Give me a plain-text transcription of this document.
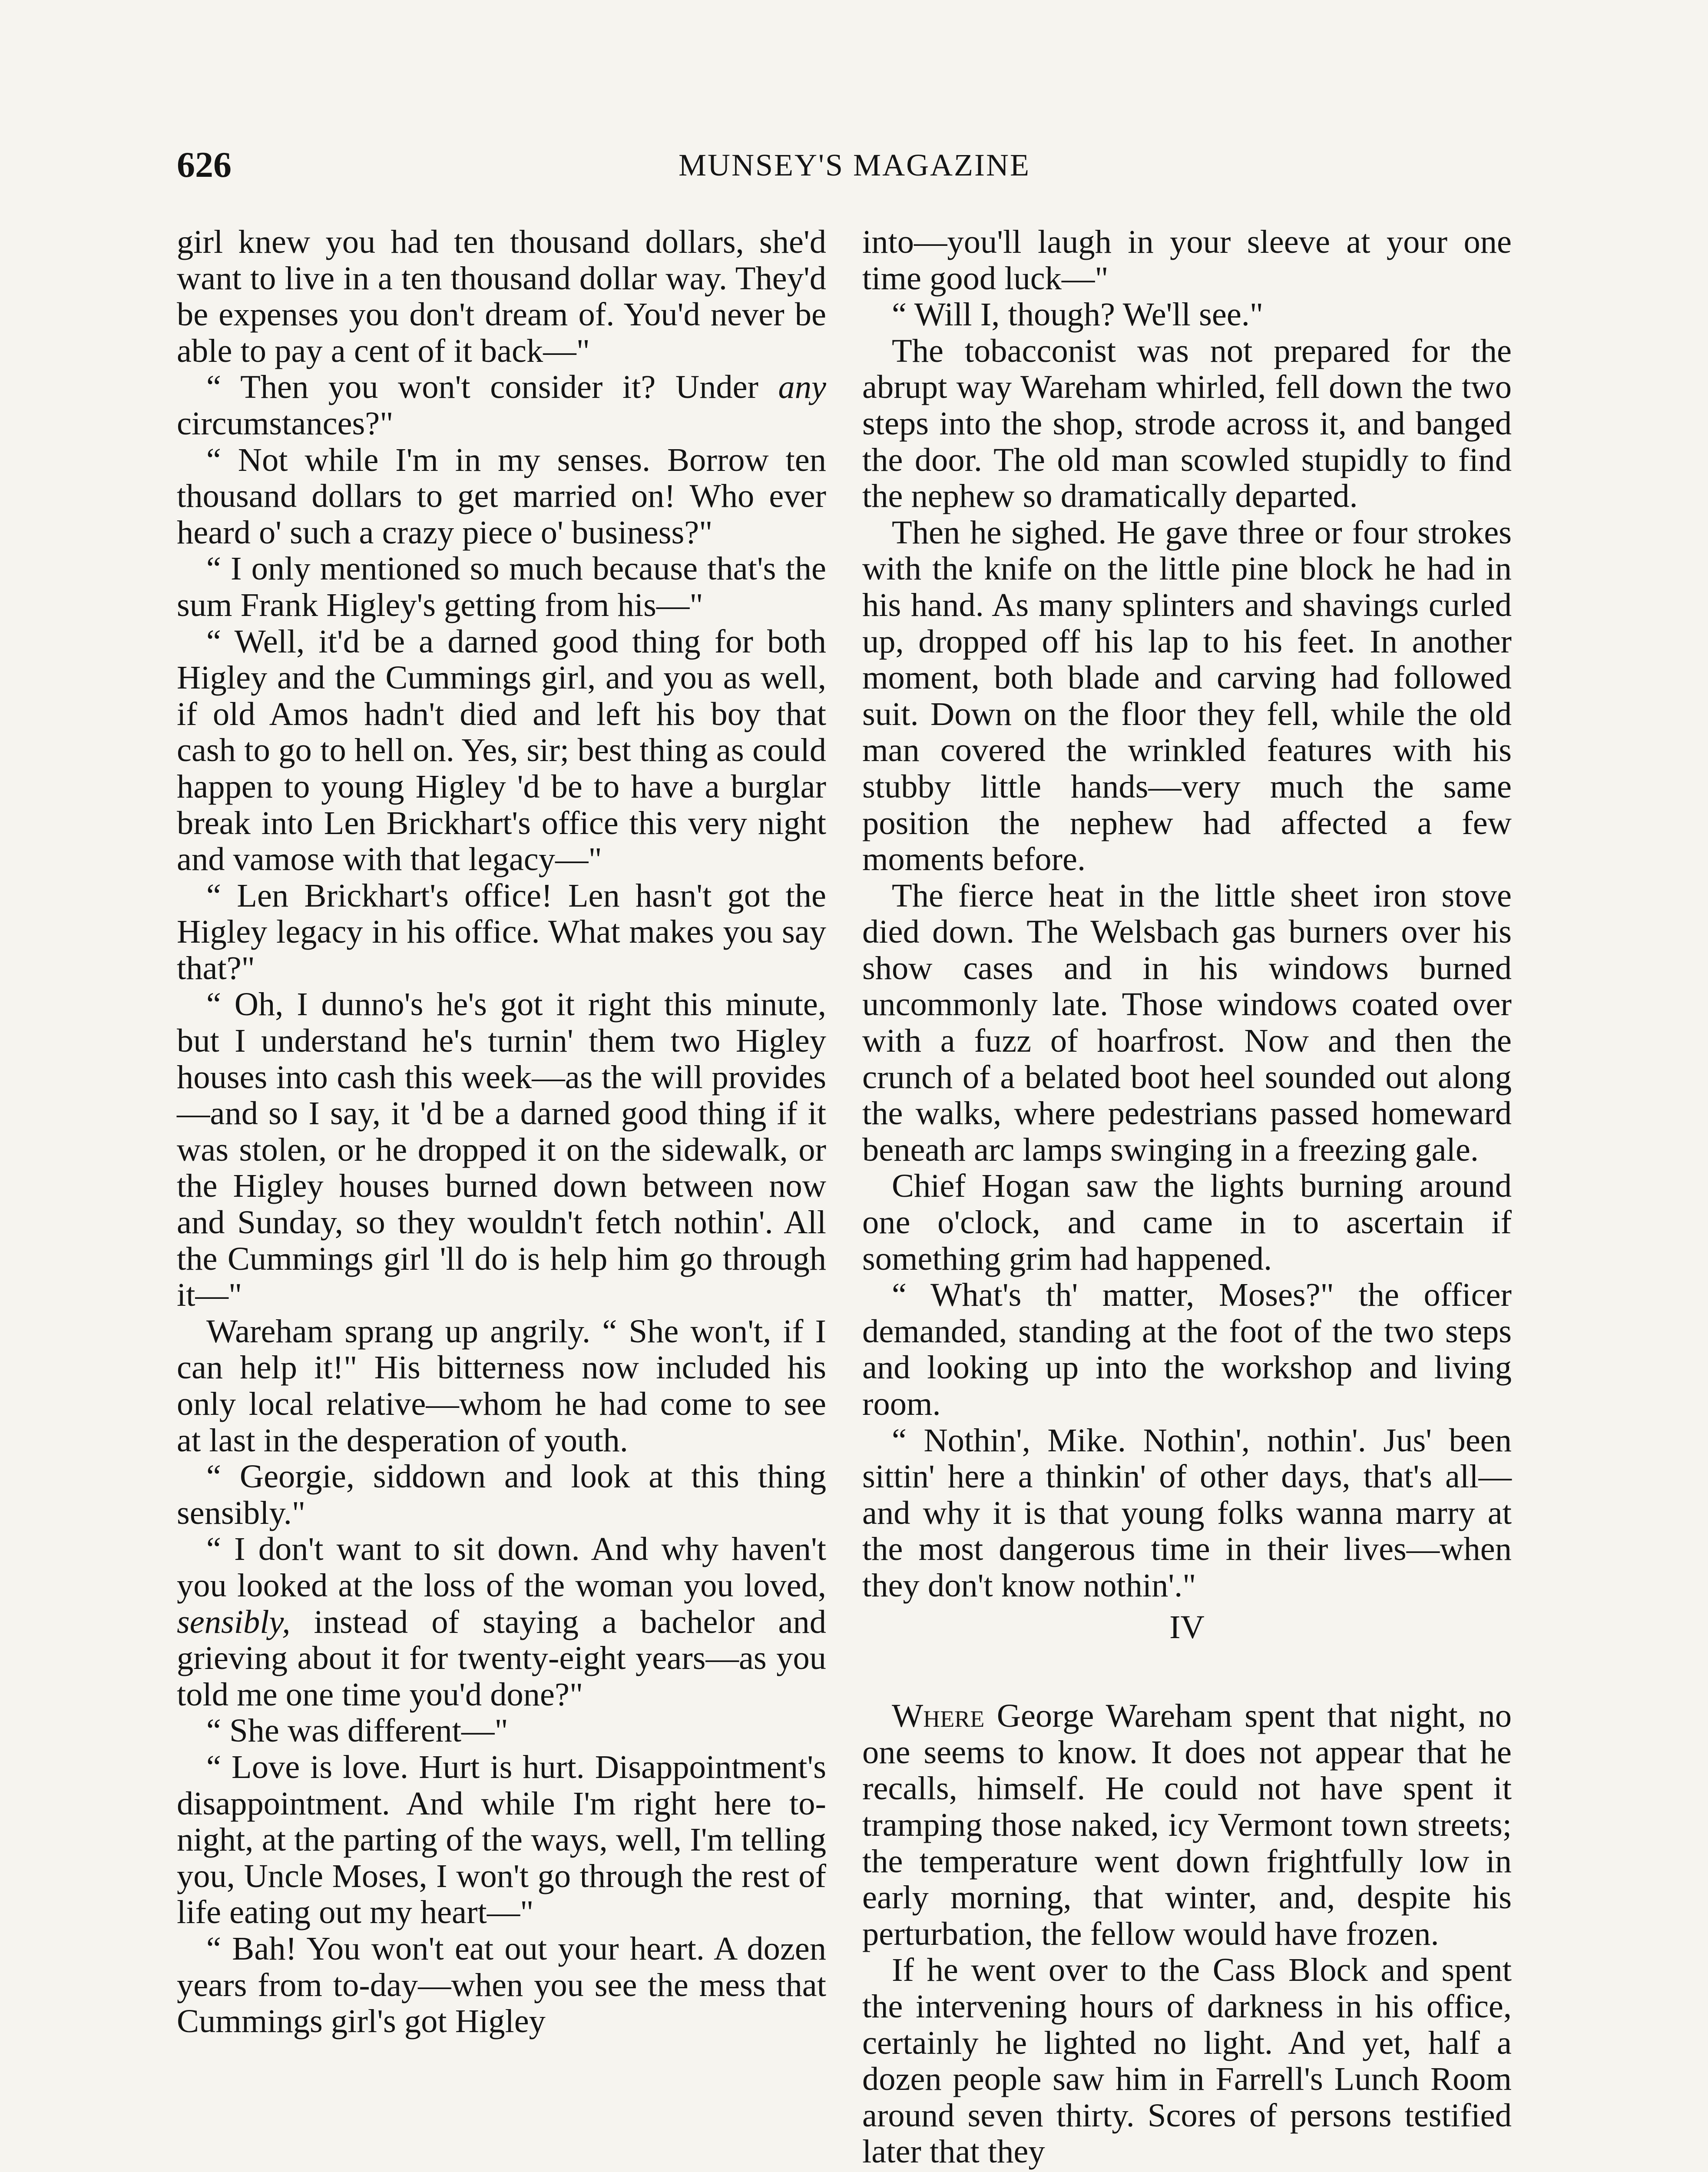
626	MUNSEY'S MAGAZINE

girl knew you had ten thousand dollars, she'd want to live in a ten thousand dollar way. They'd be expenses you don't dream of. You'd never be able to pay a cent of it back—"

“ Then you won't consider it? Under any circumstances?"

“ Not while I'm in my senses. Borrow ten thousand dollars to get married on! Who ever heard o' such a crazy piece o' business?"

“ I only mentioned so much because that's the sum Frank Higley's getting from his—"

“ Well, it'd be a darned good thing for both Higley and the Cummings girl, and you as well, if old Amos hadn't died and left his boy that cash to go to hell on. Yes, sir; best thing as could happen to young Higley 'd be to have a burglar break into Len Brickhart's office this very night and vamose with that legacy—"

“ Len Brickhart's office! Len hasn't got the Higley legacy in his office. What makes you say that?"

“ Oh, I dunno's he's got it right this minute, but I understand he's turnin' them two Higley houses into cash this week—as the will provides—and so I say, it 'd be a darned good thing if it was stolen, or he dropped it on the sidewalk, or the Higley houses burned down between now and Sunday, so they wouldn't fetch nothin'. All the Cummings girl 'll do is help him go through it—"

Wareham sprang up angrily. “ She won't, if I can help it!" His bitterness now included his only local relative—whom he had come to see at last in the desperation of youth.

“ Georgie, siddown and look at this thing sensibly."

“ I don't want to sit down. And why haven't you looked at the loss of the woman you loved, sensibly, instead of staying a bachelor and grieving about it for twenty-eight years—as you told me one time you'd done?"

“ She was different—"

“ Love is love. Hurt is hurt. Disappointment's disappointment. And while I'm right here to-night, at the parting of the ways, well, I'm telling you, Uncle Moses, I won't go through the rest of life eating out my heart—"

“ Bah! You won't eat out your heart. A dozen years from to-day—when you see the mess that Cummings girl's got Higley

into—you'll laugh in your sleeve at your one time good luck—"

“ Will I, though? We'll see."

The tobacconist was not prepared for the abrupt way Wareham whirled, fell down the two steps into the shop, strode across it, and banged the door. The old man scowled stupidly to find the nephew so dramatically departed.

Then he sighed. He gave three or four strokes with the knife on the little pine block he had in his hand. As many splinters and shavings curled up, dropped off his lap to his feet. In another moment, both blade and carving had followed suit. Down on the floor they fell, while the old man covered the wrinkled features with his stubby little hands—very much the same position the nephew had affected a few moments before.

The fierce heat in the little sheet iron stove died down. The Welsbach gas burners over his show cases and in his windows burned uncommonly late. Those windows coated over with a fuzz of hoarfrost. Now and then the crunch of a belated boot heel sounded out along the walks, where pedestrians passed homeward beneath arc lamps swinging in a freezing gale.

Chief Hogan saw the lights burning around one o'clock, and came in to ascertain if something grim had happened.

“ What's th' matter, Moses?" the officer demanded, standing at the foot of the two steps and looking up into the workshop and living room.

“ Nothin', Mike. Nothin', nothin'. Jus' been sittin' here a thinkin' of other days, that's all—and why it is that young folks wanna marry at the most dangerous time in their lives—when they don't know nothin'."

IV

Where George Wareham spent that night, no one seems to know. It does not appear that he recalls, himself. He could not have spent it tramping those naked, icy Vermont town streets; the temperature went down frightfully low in early morning, that winter, and, despite his perturbation, the fellow would have frozen.

If he went over to the Cass Block and spent the intervening hours of darkness in his office, certainly he lighted no light. And yet, half a dozen people saw him in Farrell's Lunch Room around seven thirty. Scores of persons testified later that they
